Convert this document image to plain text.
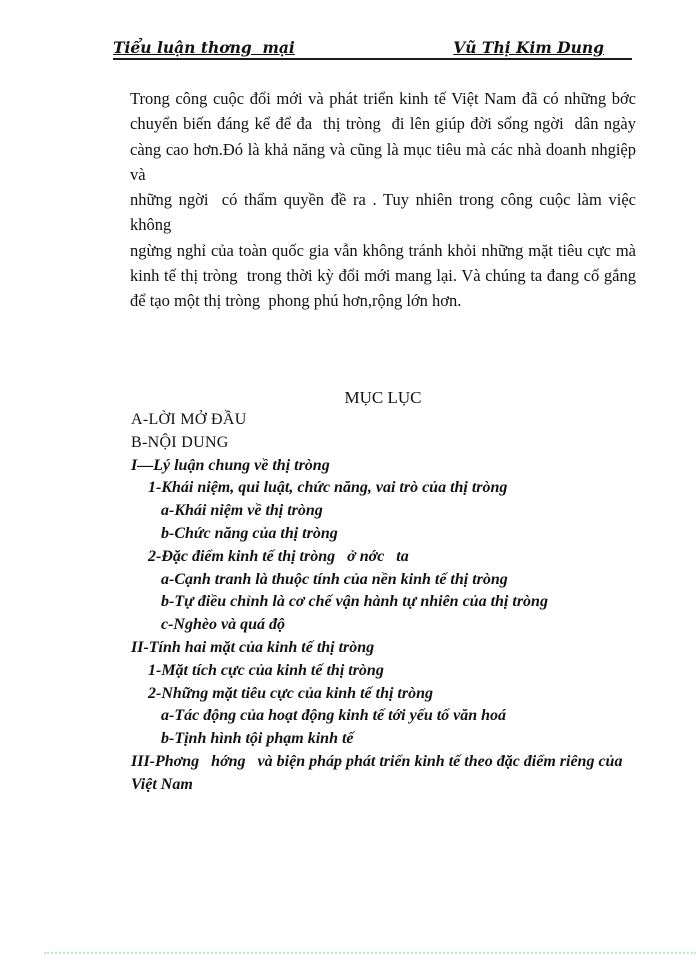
Tiểu luận thơng  mại	Vũ Thị Kim Dung
Trong công cuộc đổi mới và phát triển kinh tế Việt Nam đã có những bớc
chuyển biến đáng kể để đa  thị tròng  đi lên giúp đời sống ngời  dân ngày
càng cao hơn.Đó là khả năng và cũng là mục tiêu mà các nhà doanh nhgiệp và
những ngời  có thẩm quyền đề ra . Tuy nhiên trong công cuộc làm việc không
ngừng nghỉ của toàn quốc gia vẫn không tránh khỏi những mặt tiêu cực mà
kinh tế thị tròng  trong thời kỳ đổi mới mang lại. Và chúng ta đang cố gắng
để tạo một thị tròng  phong phú hơn,rộng lớn hơn.
MỤC LỤC
A-LỜI MỞ ĐẦU
B-NỘI DUNG
I—Lý luận chung về thị tròng
1-Khái niệm, qui luật, chức năng, vai trò của thị tròng
a-Khái niệm về thị tròng
b-Chức năng của thị tròng
2-Đặc điểm kinh tế thị tròng   ở nớc   ta
a-Cạnh tranh là thuộc tính của nền kinh tế thị tròng
b-Tự điều chỉnh là cơ chế vận hành tự nhiên của thị tròng
c-Nghèo và quá độ
II-Tính hai mặt của kinh tế thị tròng
1-Mặt tích cực của kinh tế thị tròng
2-Những mặt tiêu cực của kinh tế thị tròng
a-Tác động của hoạt động kinh tế tới yếu tố văn hoá
b-Tịnh hình tội phạm kinh tế
III-Phơng   hớng   và biện pháp phát triển kinh tế theo đặc điểm riêng của Việt Nam
